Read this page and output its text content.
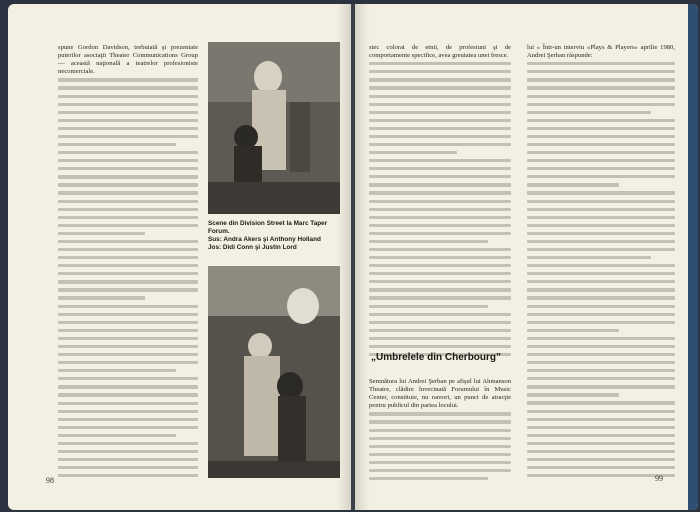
spune Gordon Davidson, trebuiată şi prezentate puterilor asociaţii Theater Communications Group — această naţională a teatrelor profesioniste necomerciale.

Scene din Division Street la Marc Taper Forum.
Sus: Andra Akers şi Anthony Holland
Jos: Didi Conn şi Justin Lord
98

stec colorat de etnii, de profesiuni şi de comportamente specifice, avea greutatea unei fresce.

„Umbrelele din Cherbourg”

Semnătura lui Andrei Şerban pe afişul lui Ahmanson Theatre, clădire învecinată Forumului în Music Center, constituie, nu rareori, un punct de atracţie pentru publicul din partea locului.

lui « Într-un interviu «Plays & Players» aprilie 1980, Andrei Şerban răspunde:

99
